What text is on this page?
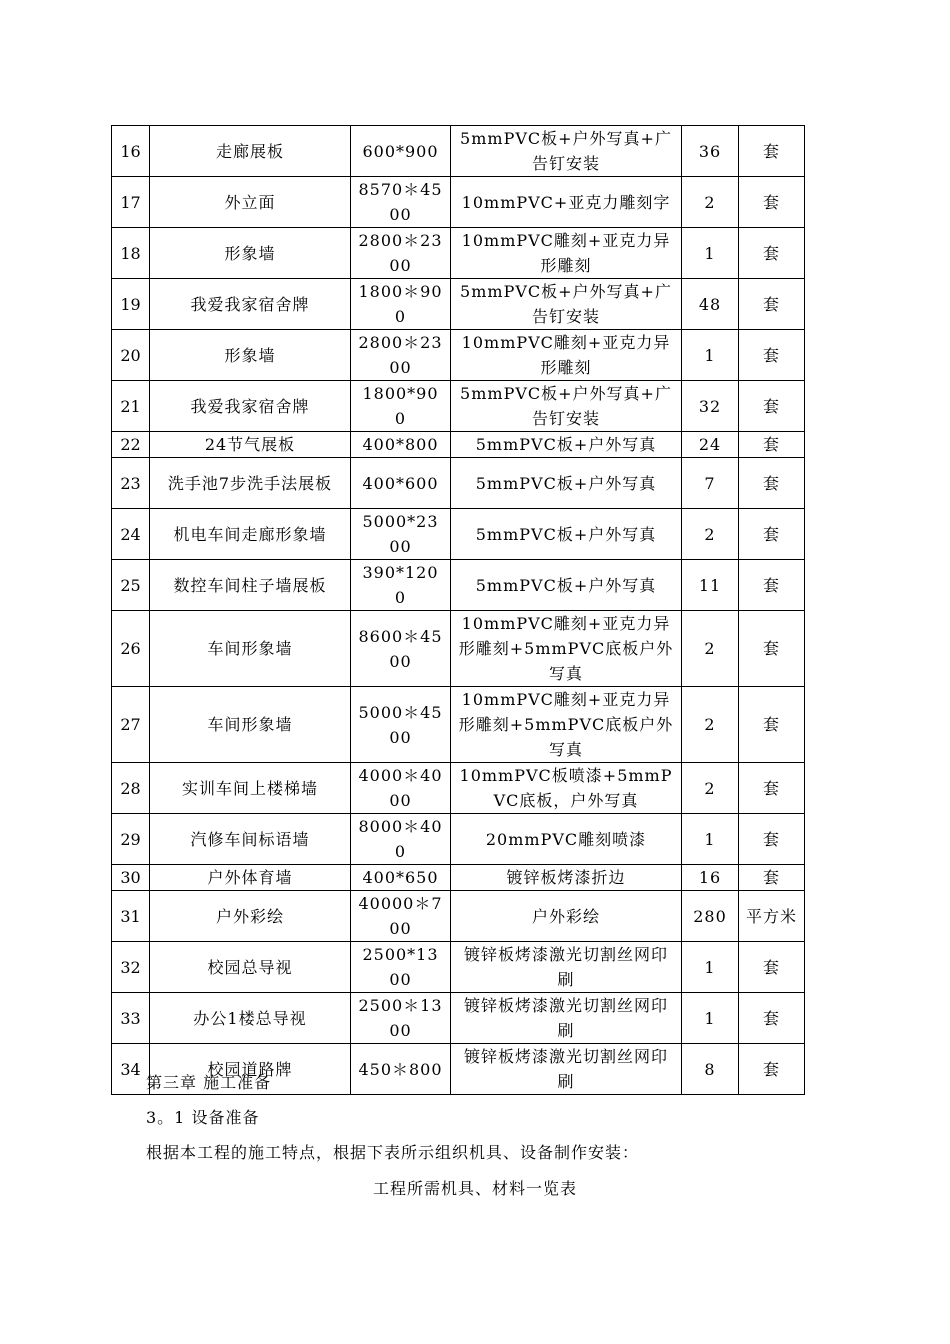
16	走廊展板	600*900	5mmPVC板+户外写真+广告钉安装	36	套
17	外立面	8570＊4500	10mmPVC+亚克力雕刻字	2	套
18	形象墙	2800＊2300	10mmPVC雕刻+亚克力异形雕刻	1	套
19	我爱我家宿舍牌	1800＊900	5mmPVC板+户外写真+广告钉安装	48	套
20	形象墙	2800＊2300	10mmPVC雕刻+亚克力异形雕刻	1	套
21	我爱我家宿舍牌	1800*900	5mmPVC板+户外写真+广告钉安装	32	套
22	24节气展板	400*800	5mmPVC板+户外写真	24	套
23	洗手池7步洗手法展板	400*600	5mmPVC板+户外写真	7	套
24	机电车间走廊形象墙	5000*2300	5mmPVC板+户外写真	2	套
25	数控车间柱子墙展板	390*1200	5mmPVC板+户外写真	11	套
26	车间形象墙	8600＊4500	10mmPVC雕刻+亚克力异形雕刻+5mmPVC底板户外写真	2	套
27	车间形象墙	5000＊4500	10mmPVC雕刻+亚克力异形雕刻+5mmPVC底板户外写真	2	套
28	实训车间上楼梯墙	4000＊4000	10mmPVC板喷漆+5mmPVC底板，户外写真	2	套
29	汽修车间标语墙	8000＊400	20mmPVC雕刻喷漆	1	套
30	户外体育墙	400*650	镀锌板烤漆折边	16	套
31	户外彩绘	40000＊700	户外彩绘	280	平方米
32	校园总导视	2500*1300	镀锌板烤漆激光切割丝网印刷	1	套
33	办公1楼总导视	2500＊1300	镀锌板烤漆激光切割丝网印刷	1	套
34	校园道路牌	450＊800	镀锌板烤漆激光切割丝网印刷	8	套
第三章 施工准备
3。1 设备准备
根据本工程的施工特点，根据下表所示组织机具、设备制作安装：
工程所需机具、材料一览表
